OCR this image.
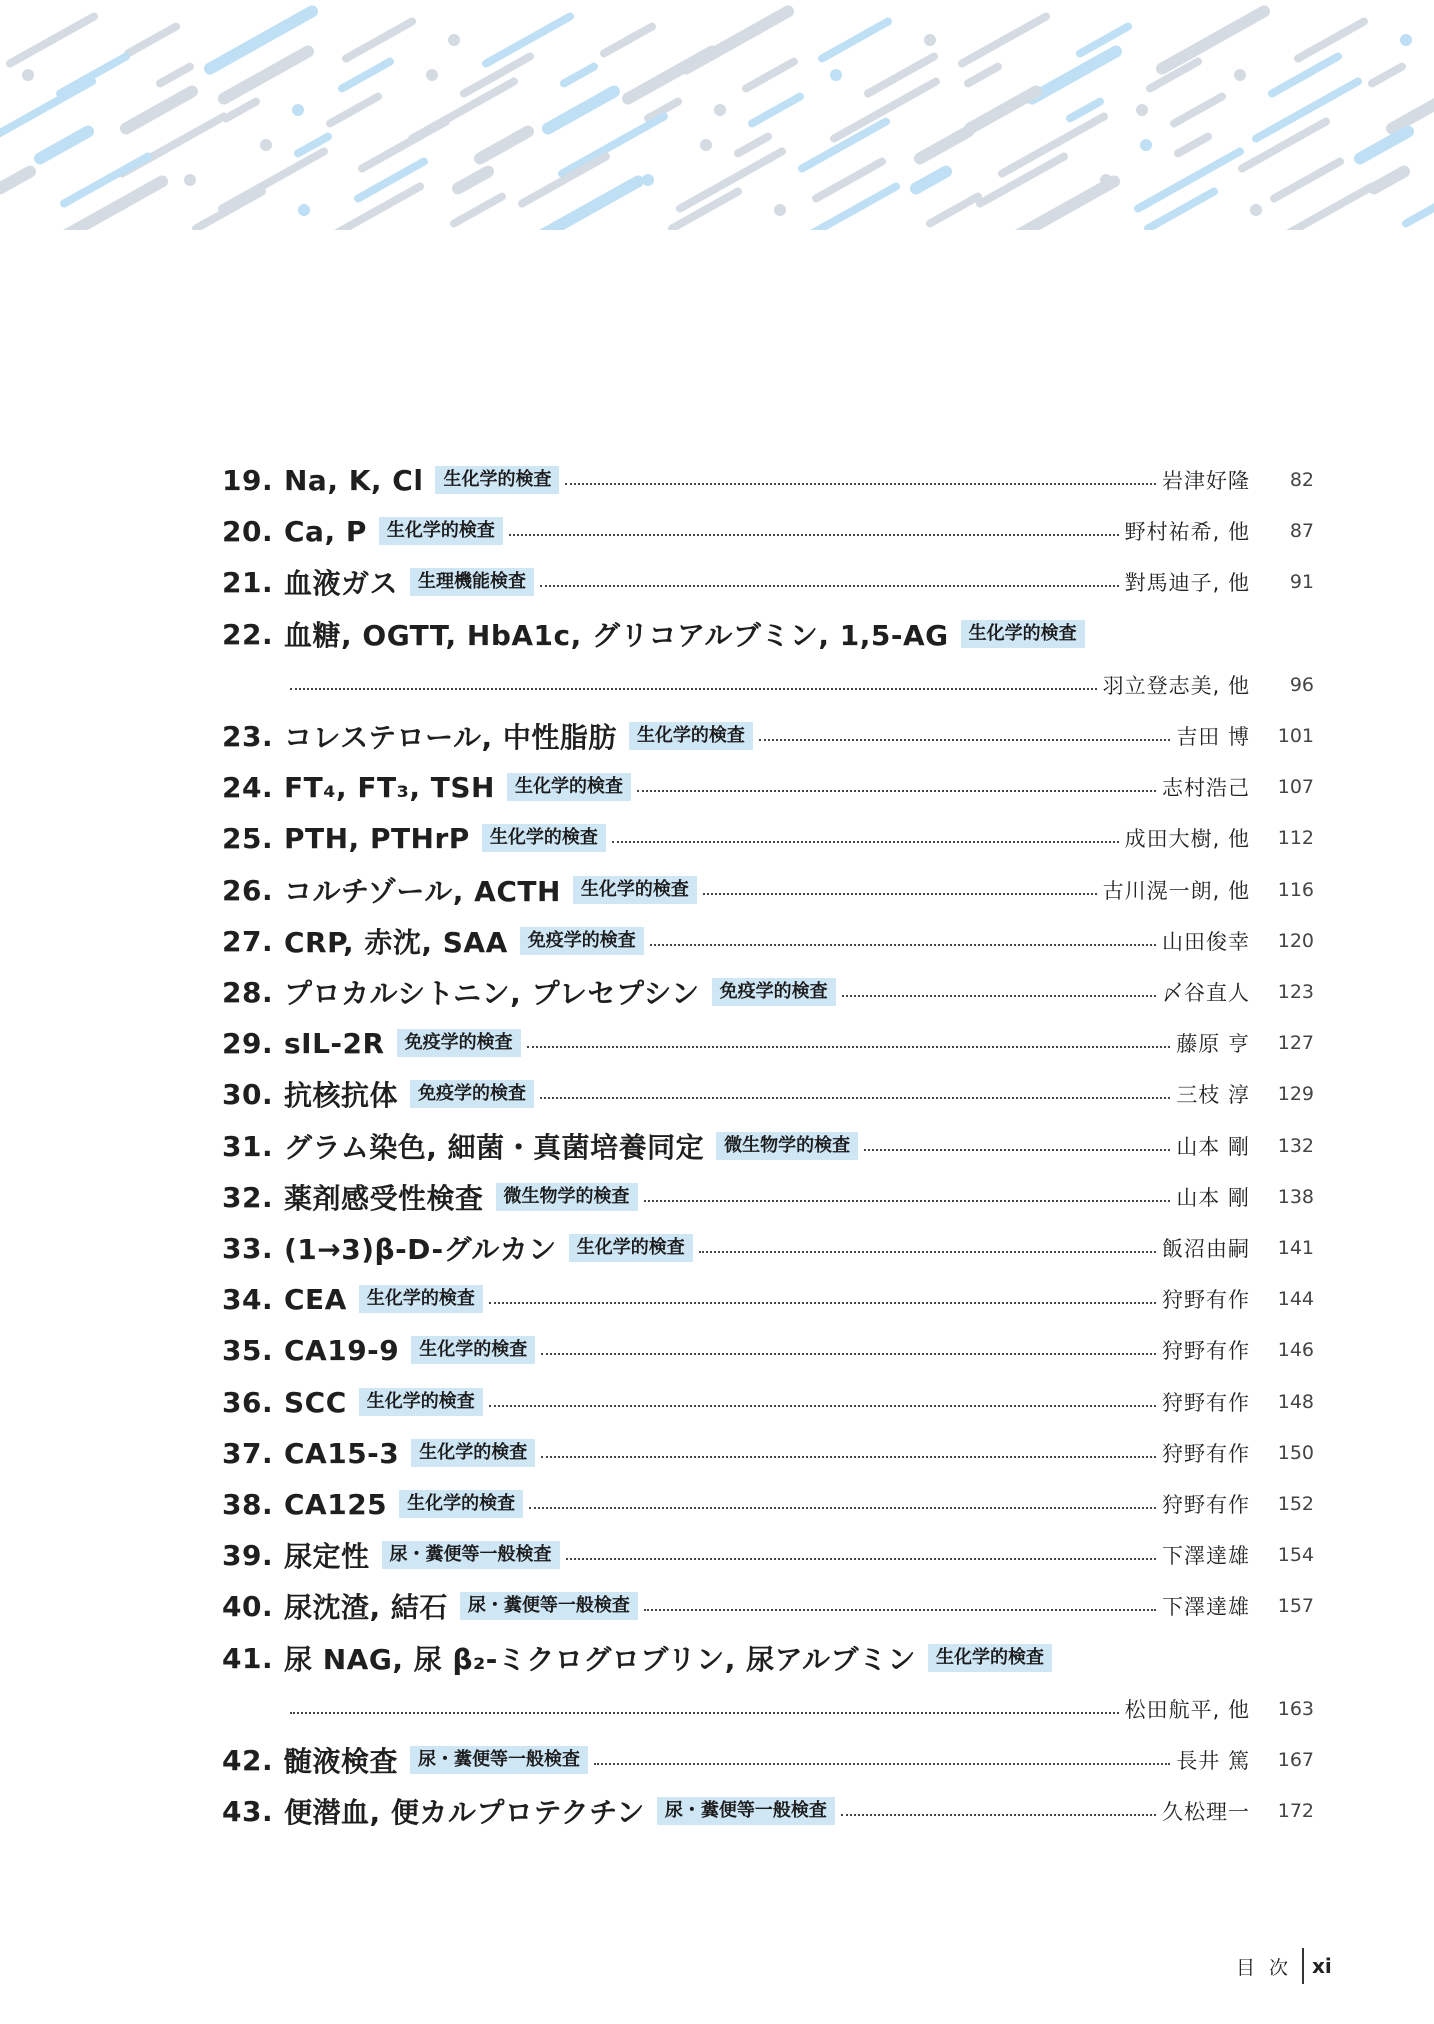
19. Na, K, Cl	生化学的検査	岩津好隆	82
20. Ca, P	生化学的検査	野村祐希, 他	87
21. 血液ガス	生理機能検査	對馬迪子, 他	91
22. 血糖, OGTT, HbA1c, グリコアルブミン, 1,5-AG	生化学的検査
羽立登志美, 他	96
23. コレステロール, 中性脂肪	生化学的検査	吉田 博	101
24. FT₄, FT₃, TSH	生化学的検査	志村浩己	107
25. PTH, PTHrP	生化学的検査	成田大樹, 他	112
26. コルチゾール, ACTH	生化学的検査	古川滉一朗, 他	116
27. CRP, 赤沈, SAA	免疫学的検査	山田俊幸	120
28. プロカルシトニン, プレセプシン	免疫学的検査	〆谷直人	123
29. sIL-2R	免疫学的検査	藤原 亨	127
30. 抗核抗体	免疫学的検査	三枝 淳	129
31. グラム染色, 細菌・真菌培養同定	微生物学的検査	山本 剛	132
32. 薬剤感受性検査	微生物学的検査	山本 剛	138
33. (1→3)β-D-グルカン	生化学的検査	飯沼由嗣	141
34. CEA	生化学的検査	狩野有作	144
35. CA19-9	生化学的検査	狩野有作	146
36. SCC	生化学的検査	狩野有作	148
37. CA15-3	生化学的検査	狩野有作	150
38. CA125	生化学的検査	狩野有作	152
39. 尿定性	尿・糞便等一般検査	下澤達雄	154
40. 尿沈渣, 結石	尿・糞便等一般検査	下澤達雄	157
41. 尿 NAG, 尿 β₂-ミクログロブリン, 尿アルブミン	生化学的検査
松田航平, 他	163
42. 髄液検査	尿・糞便等一般検査	長井 篤	167
43. 便潜血, 便カルプロテクチン	尿・糞便等一般検査	久松理一	172
目次 xi
